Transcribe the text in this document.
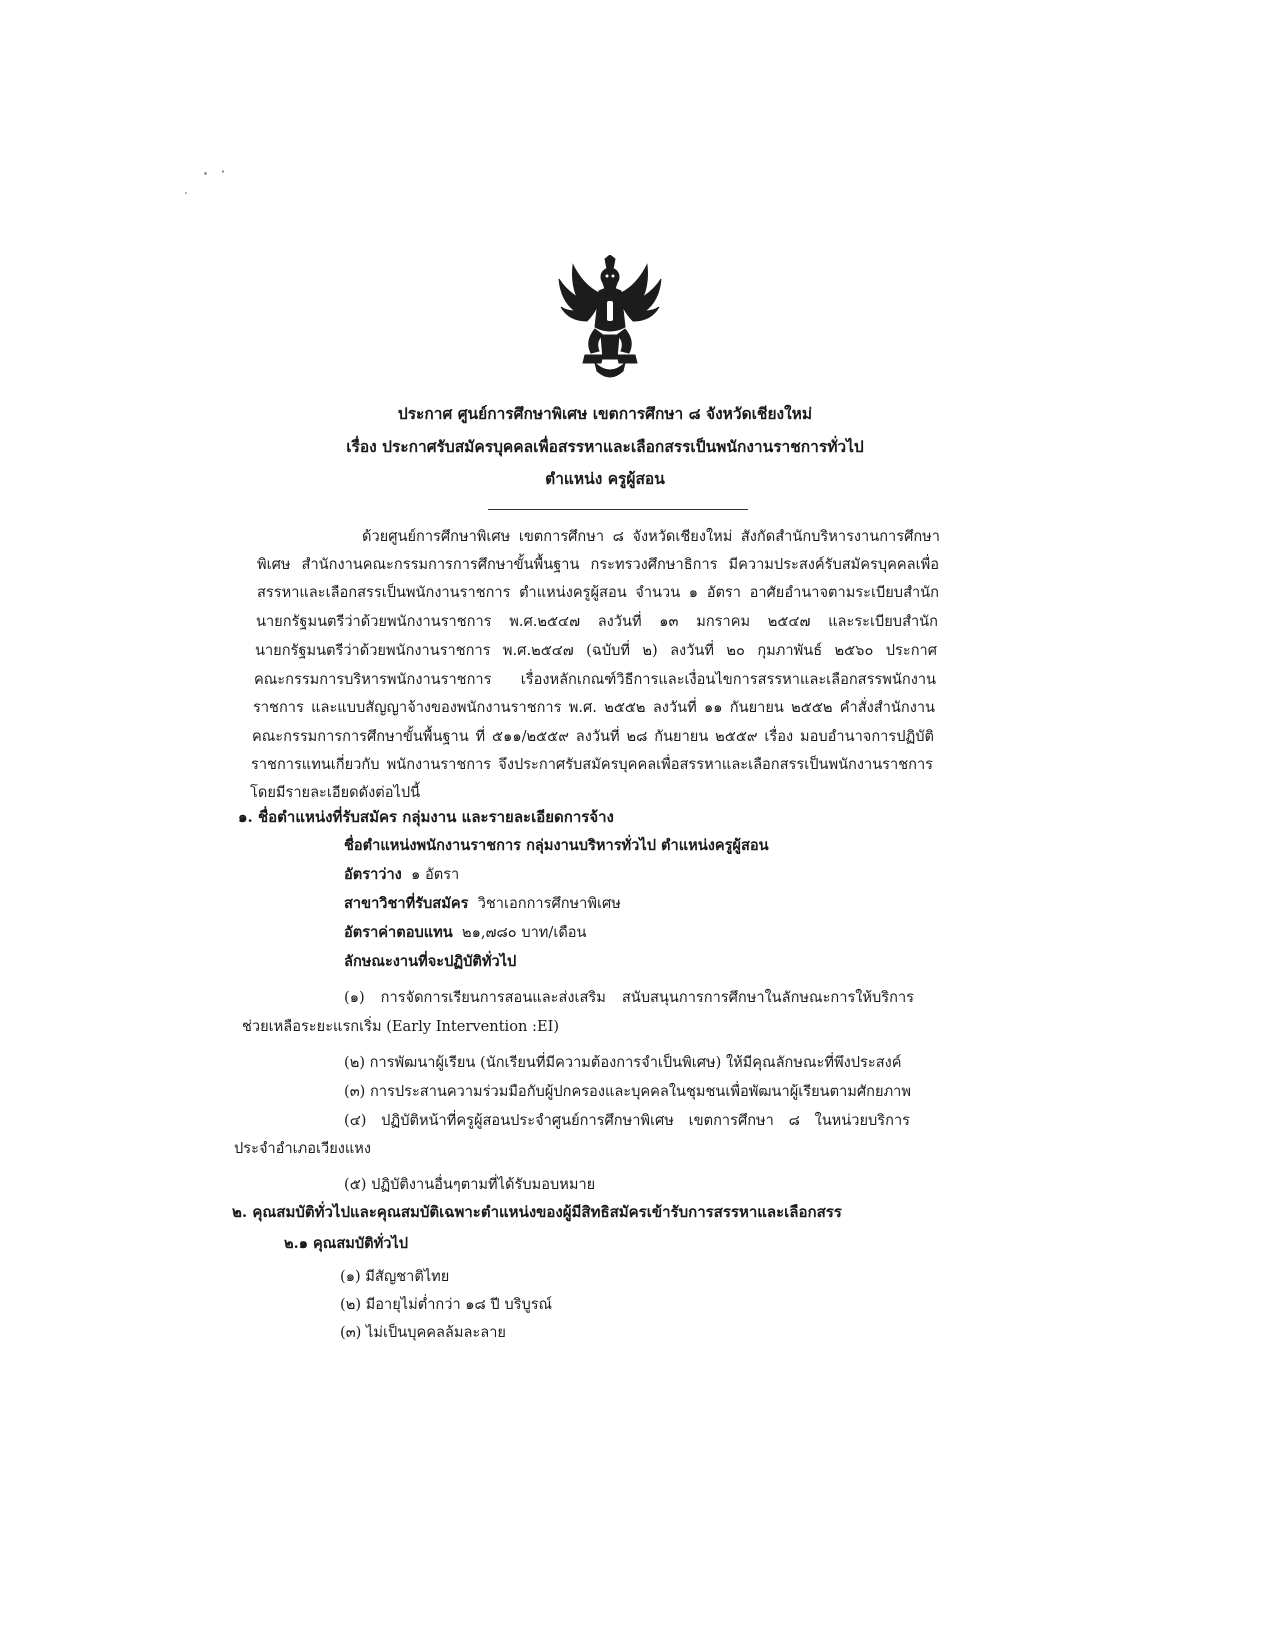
ประกาศ ศูนย์การศึกษาพิเศษ เขตการศึกษา ๘ จังหวัดเชียงใหม่
เรื่อง ประกาศรับสมัครบุคคลเพื่อสรรหาและเลือกสรรเป็นพนักงานราชการทั่วไป
ตำแหน่ง ครูผู้สอน
ด้วยศูนย์การศึกษาพิเศษ เขตการศึกษา ๘ จังหวัดเชียงใหม่ สังกัดสำนักบริหารงานการศึกษา
พิเศษ สำนักงานคณะกรรมการการศึกษาขั้นพื้นฐาน กระทรวงศึกษาธิการ มีความประสงค์รับสมัครบุคคลเพื่อ
สรรหาและเลือกสรรเป็นพนักงานราชการ ตำแหน่งครูผู้สอน จำนวน ๑ อัตรา อาศัยอำนาจตามระเบียบสำนัก
นายกรัฐมนตรีว่าด้วยพนักงานราชการ พ.ศ.๒๕๔๗ ลงวันที่ ๑๓ มกราคม ๒๕๔๗ และระเบียบสำนัก
นายกรัฐมนตรีว่าด้วยพนักงานราชการ พ.ศ.๒๕๔๗ (ฉบับที่ ๒) ลงวันที่ ๒๐ กุมภาพันธ์ ๒๕๖๐ ประกาศ
คณะกรรมการบริหารพนักงานราชการ เรื่องหลักเกณฑ์วิธีการและเงื่อนไขการสรรหาและเลือกสรรพนักงาน
ราชการ และแบบสัญญาจ้างของพนักงานราชการ พ.ศ. ๒๕๕๒ ลงวันที่ ๑๑ กันยายน ๒๕๕๒ คำสั่งสำนักงาน
คณะกรรมการการศึกษาขั้นพื้นฐาน ที่ ๕๑๑/๒๕๕๙ ลงวันที่ ๒๘ กันยายน ๒๕๕๙ เรื่อง มอบอำนาจการปฏิบัติ
ราชการแทนเกี่ยวกับ พนักงานราชการ จึงประกาศรับสมัครบุคคลเพื่อสรรหาและเลือกสรรเป็นพนักงานราชการ
โดยมีรายละเอียดดังต่อไปนี้
๑. ชื่อตำแหน่งที่รับสมัคร กลุ่มงาน และรายละเอียดการจ้าง
ชื่อตำแหน่งพนักงานราชการ กลุ่มงานบริหารทั่วไป ตำแหน่งครูผู้สอน
อัตราว่าง ๑ อัตรา
สาขาวิชาที่รับสมัคร วิชาเอกการศึกษาพิเศษ
อัตราค่าตอบแทน ๒๑,๗๘๐ บาท/เดือน
ลักษณะงานที่จะปฏิบัติทั่วไป
(๑) การจัดการเรียนการสอนและส่งเสริม สนับสนุนการการศึกษาในลักษณะการให้บริการ
ช่วยเหลือระยะแรกเริ่ม (Early Intervention :EI)
(๒) การพัฒนาผู้เรียน (นักเรียนที่มีความต้องการจำเป็นพิเศษ) ให้มีคุณลักษณะที่พึงประสงค์
(๓) การประสานความร่วมมือกับผู้ปกครองและบุคคลในชุมชนเพื่อพัฒนาผู้เรียนตามศักยภาพ
(๔) ปฏิบัติหน้าที่ครูผู้สอนประจำศูนย์การศึกษาพิเศษ เขตการศึกษา ๘ ในหน่วยบริการ
ประจำอำเภอเวียงแหง
(๕) ปฏิบัติงานอื่นๆตามที่ได้รับมอบหมาย
๒. คุณสมบัติทั่วไปและคุณสมบัติเฉพาะตำแหน่งของผู้มีสิทธิสมัครเข้ารับการสรรหาและเลือกสรร
๒.๑ คุณสมบัติทั่วไป
(๑) มีสัญชาติไทย
(๒) มีอายุไม่ต่ำกว่า ๑๘ ปี บริบูรณ์
(๓) ไม่เป็นบุคคลล้มละลาย
